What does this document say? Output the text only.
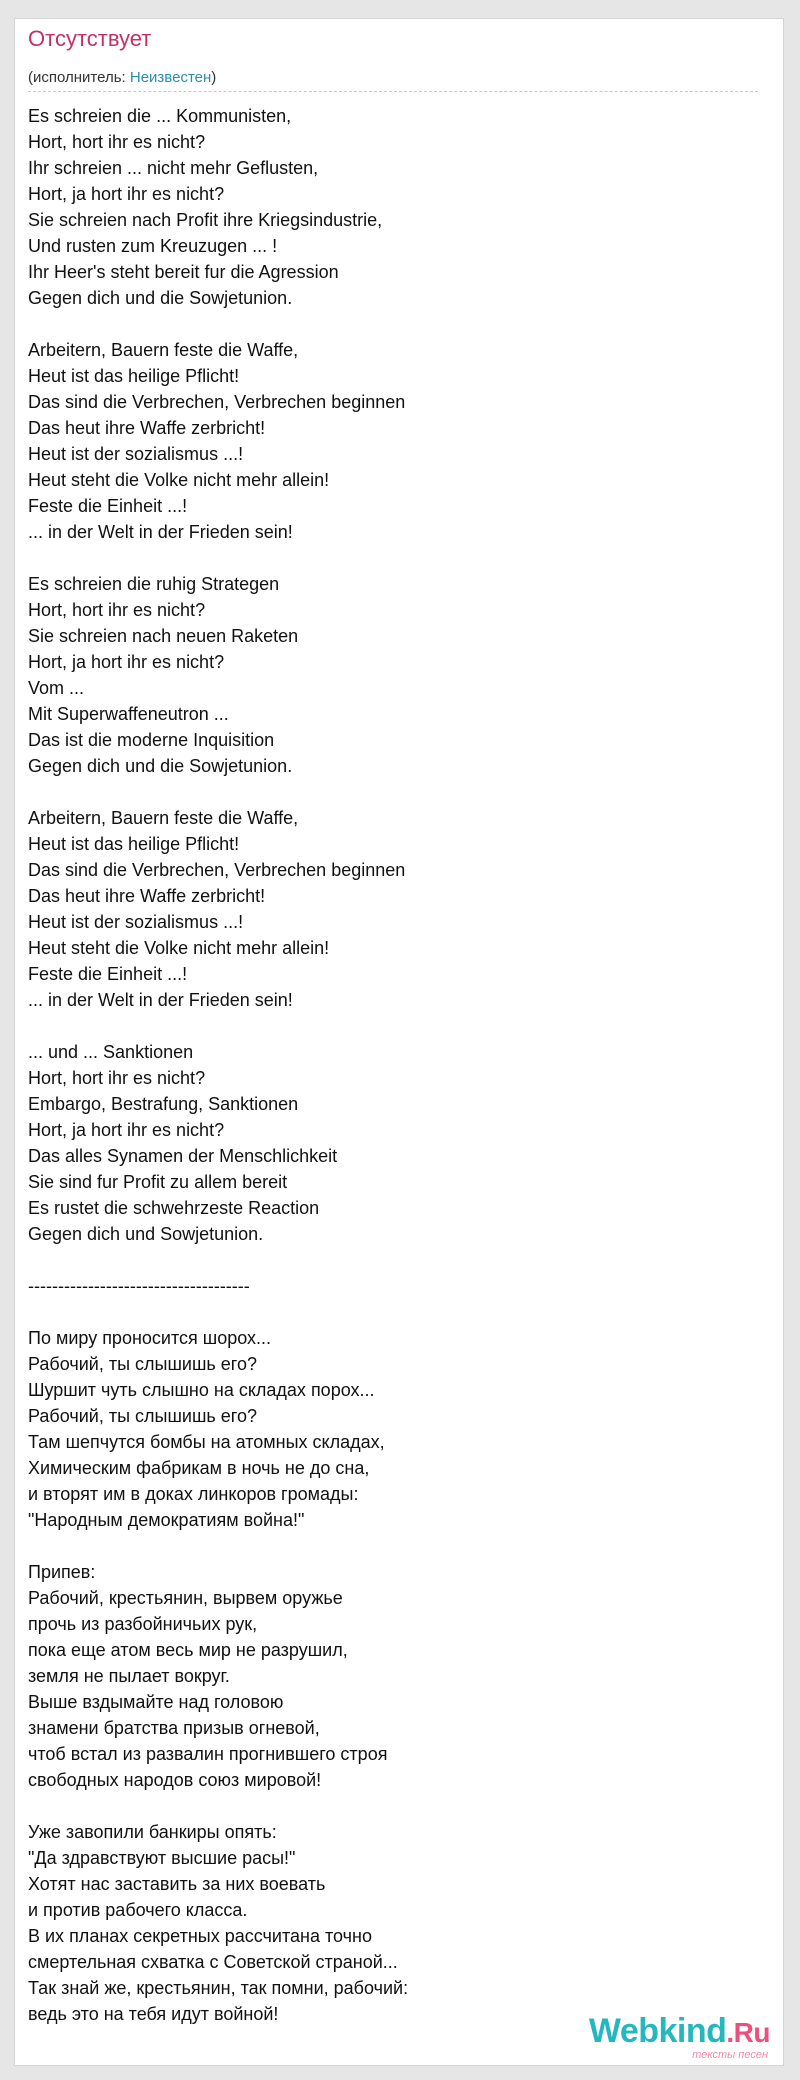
Отсутствует
(исполнитель: Неизвестен)
Es schreien die ... Kommunisten,
Hort, hort ihr es nicht?
Ihr schreien ... nicht mehr Geflusten,
Hort, ja hort ihr es nicht?
Sie schreien nach Profit ihre Kriegsindustrie,
Und rusten zum Kreuzugen ... !
Ihr Heer's steht bereit fur die Agression
Gegen dich und die Sowjetunion.
Arbeitern, Bauern feste die Waffe,
Heut ist das heilige Pflicht!
Das sind die Verbrechen, Verbrechen beginnen
Das heut ihre Waffe zerbricht!
Heut ist der sozialismus ...!
Heut steht die Volke nicht mehr allein!
Feste die Einheit ...!
... in der Welt in der Frieden sein!
Es schreien die ruhig Strategen
Hort, hort ihr es nicht?
Sie schreien nach neuen Raketen
Hort, ja hort ihr es nicht?
Vom ...
Mit Superwaffeneutron ...
Das ist die moderne Inquisition
Gegen dich und die Sowjetunion.
Arbeitern, Bauern feste die Waffe,
Heut ist das heilige Pflicht!
Das sind die Verbrechen, Verbrechen beginnen
Das heut ihre Waffe zerbricht!
Heut ist der sozialismus ...!
Heut steht die Volke nicht mehr allein!
Feste die Einheit ...!
... in der Welt in der Frieden sein!
... und ... Sanktionen
Hort, hort ihr es nicht?
Embargo, Bestrafung, Sanktionen
Hort, ja hort ihr es nicht?
Das alles Synamen der Menschlichkeit
Sie sind fur Profit zu allem bereit
Es rustet die schwehrzeste Reaction
Gegen dich und Sowjetunion.
-------------------------------------
По миру проносится шорох...
Рабочий, ты слышишь его?
Шуршит чуть слышно на складах порох...
Рабочий, ты слышишь его?
Там шепчутся бомбы на атомных складах,
Химическим фабрикам в ночь не до сна,
и вторят им в доках линкоров громады:
"Народным демократиям война!"
Припев:
Рабочий, крестьянин, вырвем оружье
прочь из разбойничьих рук,
пока еще атом весь мир не разрушил,
земля не пылает вокруг.
Выше вздымайте над головою
знамени братства призыв огневой,
чтоб встал из развалин прогнившего строя
свободных народов союз мировой!
Уже завопили банкиры опять:
"Да здравствуют высшие расы!"
Хотят нас заставить за них воевать
и против рабочего класса.
В их планах секретных рассчитана точно
смертельная схватка с Советской страной...
Так знай же, крестьянин, так помни, рабочий:
ведь это на тебя идут войной!	Webkind.Ru
тексты песен
